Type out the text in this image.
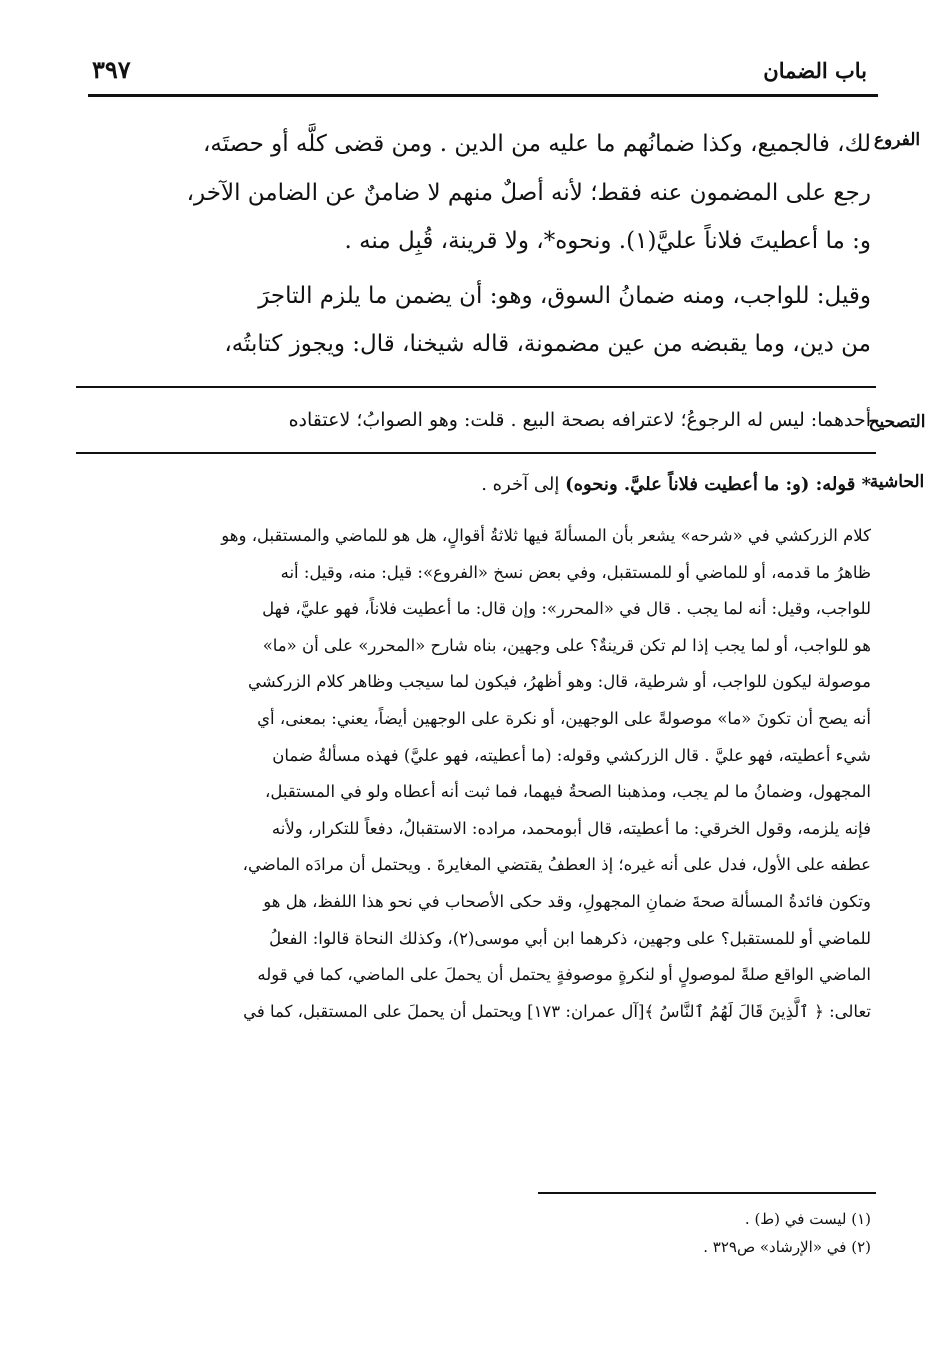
باب الضمان
٣٩٧
الفروع
التصحيح
الحاشية

لك، فالجميع، وكذا ضمانُهم ما عليه من الدين . ومن قضى كلَّه أو حصتَه،

رجع على المضمون عنه فقط؛ لأنه أصلٌ منهم لا ضامنٌ عن الضامن الآخر،

و: ما أعطيتَ فلاناً عليَّ(١). ونحوه*، ولا قرينة، قُبِل منه .

وقيل: للواجب، ومنه ضمانُ السوق، وهو: أن يضمن ما يلزم التاجرَ

من دين، وما يقبضه من عين مضمونة، قاله شيخنا، قال: ويجوز كتابتُه،

أحدهما: ليس له الرجوعُ؛ لاعترافه بصحة البيع . قلت: وهو الصوابُ؛ لاعتقاده

* قوله: (و: ما أعطيت فلاناً عليَّ. ونحوه) إلى آخره .

كلام الزركشي في «شرحه» يشعر بأن المسألةَ فيها ثلاثةُ أقوالٍ، هل هو للماضي والمستقبل، وهو

ظاهرُ ما قدمه، أو للماضي أو للمستقبل، وفي بعض نسخ «الفروع»: قيل: منه، وقيل: أنه

للواجب، وقيل: أنه لما يجب . قال في «المحرر»: وإن قال: ما أعطيت فلاناً، فهو عليَّ، فهل

هو للواجب، أو لما يجب إذا لم تكن قرينةٌ؟ على وجهين، بناه شارح «المحرر» على أن «ما»

موصولة ليكون للواجب، أو شرطية، قال: وهو أظهرُ، فيكون لما سيجب وظاهر كلام الزركشي

أنه يصح أن تكونَ «ما» موصولةً على الوجهين، أو نكرة على الوجهين أيضاً، يعني: بمعنى، أي

شيء أعطيته، فهو عليَّ . قال الزركشي وقوله: (ما أعطيته، فهو عليَّ) فهذه مسألةُ ضمان

المجهول، وضمانُ ما لم يجب، ومذهبنا الصحةُ فيهما، فما ثبت أنه أعطاه ولو في المستقبل،

فإنه يلزمه، وقول الخرقي: ما أعطيته، قال أبومحمد، مراده: الاستقبالُ، دفعاً للتكرار، ولأنه

عطفه على الأول، فدل على أنه غيره؛ إذ العطفُ يقتضي المغايرةَ . ويحتمل أن مرادَه الماضي،

وتكون فائدةُ المسألة صحةَ ضمانِ المجهولِ، وقد حكى الأصحاب في نحو هذا اللفظ، هل هو

للماضي أو للمستقبل؟ على وجهين، ذكرهما ابن أبي موسى(٢)، وكذلك النحاة قالوا: الفعلُ

الماضي الواقع صلةً لموصولٍ أو لنكرةٍ موصوفةٍ يحتمل أن يحملَ على الماضي، كما في قوله

تعالى: ﴿ ٱلَّذِينَ قَالَ لَهُمُ ٱلنَّاسُ ﴾[آل عمران: ١٧٣] ويحتمل أن يحملَ على المستقبل، كما في

(١) ليست في (ط) .

(٢) في «الإرشاد» ص٣٢٩ .
